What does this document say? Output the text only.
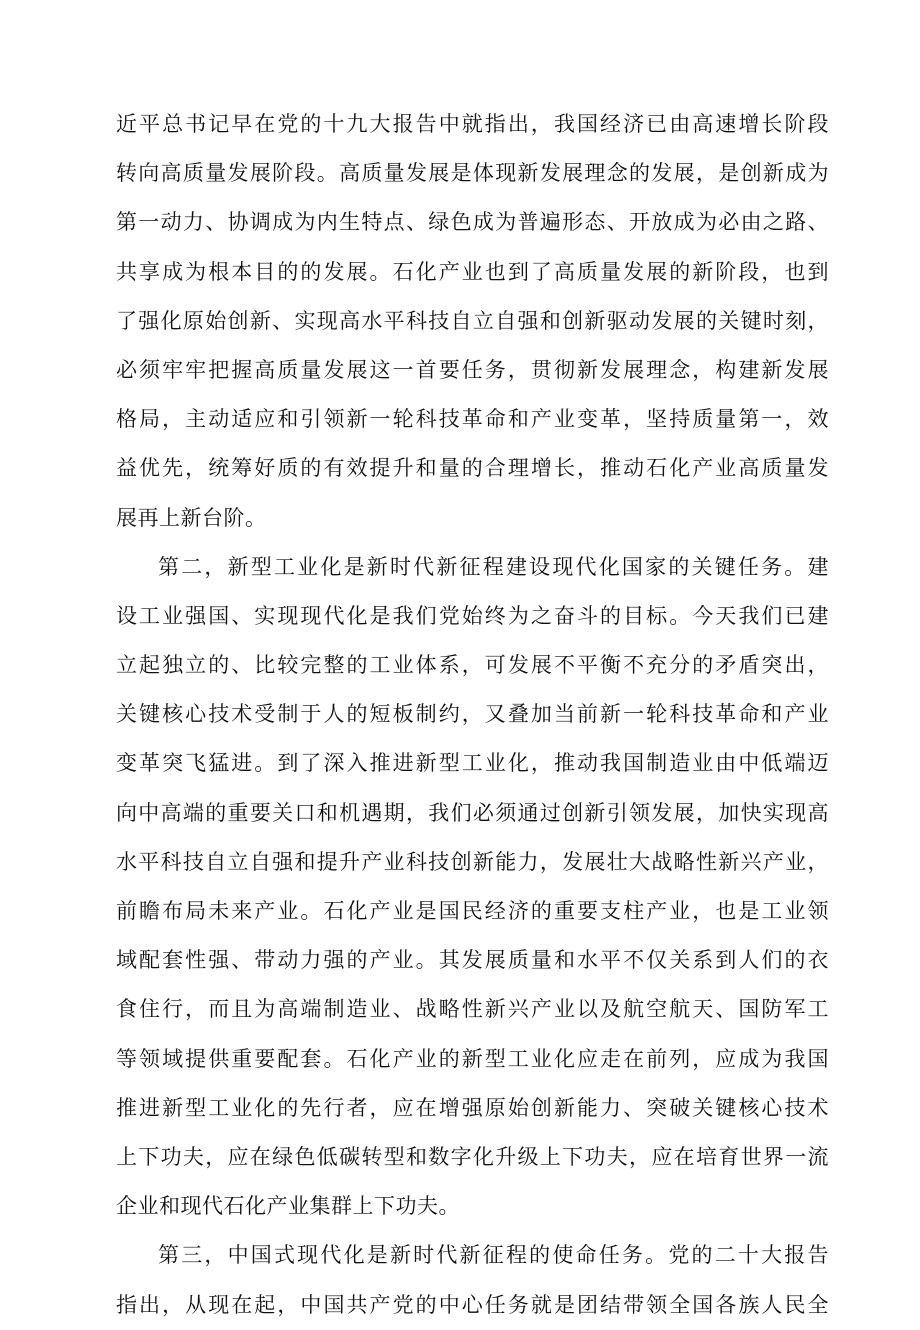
近平总书记早在党的十九大报告中就指出，我国经济已由高速增长阶段
转向高质量发展阶段。高质量发展是体现新发展理念的发展，是创新成为
第一动力、协调成为内生特点、绿色成为普遍形态、开放成为必由之路、
共享成为根本目的的发展。石化产业也到了高质量发展的新阶段，也到
了强化原始创新、实现高水平科技自立自强和创新驱动发展的关键时刻，
必须牢牢把握高质量发展这一首要任务，贯彻新发展理念，构建新发展
格局，主动适应和引领新一轮科技革命和产业变革，坚持质量第一，效
益优先，统筹好质的有效提升和量的合理增长，推动石化产业高质量发
展再上新台阶。
第二，新型工业化是新时代新征程建设现代化国家的关键任务。建
设工业强国、实现现代化是我们党始终为之奋斗的目标。今天我们已建
立起独立的、比较完整的工业体系，可发展不平衡不充分的矛盾突出，
关键核心技术受制于人的短板制约，又叠加当前新一轮科技革命和产业
变革突飞猛进。到了深入推进新型工业化，推动我国制造业由中低端迈
向中高端的重要关口和机遇期，我们必须通过创新引领发展，加快实现高
水平科技自立自强和提升产业科技创新能力，发展壮大战略性新兴产业，
前瞻布局未来产业。石化产业是国民经济的重要支柱产业，也是工业领
域配套性强、带动力强的产业。其发展质量和水平不仅关系到人们的衣
食住行，而且为高端制造业、战略性新兴产业以及航空航天、国防军工
等领域提供重要配套。石化产业的新型工业化应走在前列，应成为我国
推进新型工业化的先行者，应在增强原始创新能力、突破关键核心技术
上下功夫，应在绿色低碳转型和数字化升级上下功夫，应在培育世界一流
企业和现代石化产业集群上下功夫。
第三，中国式现代化是新时代新征程的使命任务。党的二十大报告
指出，从现在起，中国共产党的中心任务就是团结带领全国各族人民全
